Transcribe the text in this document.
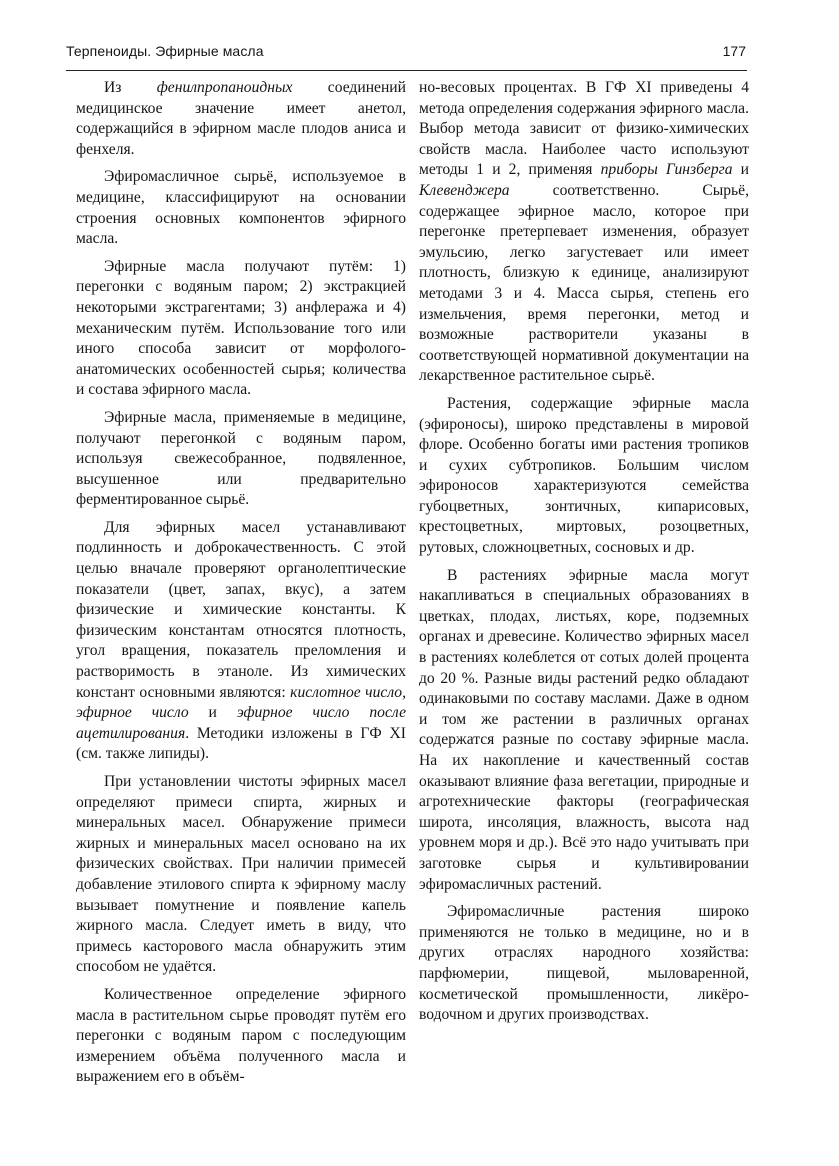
Терпеноиды. Эфирные масла	177

Из фенилпропаноидных соединений медицинское значение имеет анетол, содержащийся в эфирном масле плодов аниса и фенхеля.

Эфиромасличное сырьё, используемое в медицине, классифицируют на основании строения основных компонентов эфирного масла.

Эфирные масла получают путём: 1) перегонки с водяным паром; 2) экстракцией некоторыми экстрагентами; 3) анфлеража и 4) механическим путём. Использование того или иного способа зависит от морфолого-анатомических особенностей сырья; количества и состава эфирного масла.

Эфирные масла, применяемые в медицине, получают перегонкой с водяным паром, используя свежесобранное, подвяленное, высушенное или предварительно ферментированное сырьё.

Для эфирных масел устанавливают подлинность и доброкачественность. С этой целью вначале проверяют органолептические показатели (цвет, запах, вкус), а затем физические и химические константы. К физическим константам относятся плотность, угол вращения, показатель преломления и растворимость в этаноле. Из химических констант основными являются: кислотное число, эфирное число и эфирное число после ацетилирования. Методики изложены в ГФ XI (см. также липиды).

При установлении чистоты эфирных масел определяют примеси спирта, жирных и минеральных масел. Обнаружение примеси жирных и минеральных масел основано на их физических свойствах. При наличии примесей добавление этилового спирта к эфирному маслу вызывает помутнение и появление капель жирного масла. Следует иметь в виду, что примесь касторового масла обнаружить этим способом не удаётся.

Количественное определение эфирного масла в растительном сырье проводят путём его перегонки с водяным паром с последующим измерением объёма полученного масла и выражением его в объём-

но-весовых процентах. В ГФ XI приведены 4 метода определения содержания эфирного масла. Выбор метода зависит от физико-химических свойств масла. Наиболее часто используют методы 1 и 2, применяя приборы Гинзберга и Клевенджера соответственно. Сырьё, содержащее эфирное масло, которое при перегонке претерпевает изменения, образует эмульсию, легко загустевает или имеет плотность, близкую к единице, анализируют методами 3 и 4. Масса сырья, степень его измельчения, время перегонки, метод и возможные растворители указаны в соответствующей нормативной документации на лекарственное растительное сырьё.

Растения, содержащие эфирные масла (эфироносы), широко представлены в мировой флоре. Особенно богаты ими растения тропиков и сухих субтропиков. Большим числом эфироносов характеризуются семейства губоцветных, зонтичных, кипарисовых, крестоцветных, миртовых, розоцветных, рутовых, сложноцветных, сосновых и др.

В растениях эфирные масла могут накапливаться в специальных образованиях в цветках, плодах, листьях, коре, подземных органах и древесине. Количество эфирных масел в растениях колеблется от сотых долей процента до 20 %. Разные виды растений редко обладают одинаковыми по составу маслами. Даже в одном и том же растении в различных органах содержатся разные по составу эфирные масла. На их накопление и качественный состав оказывают влияние фаза вегетации, природные и агротехнические факторы (географическая широта, инсоляция, влажность, высота над уровнем моря и др.). Всё это надо учитывать при заготовке сырья и культивировании эфиромасличных растений.

Эфиромасличные растения широко применяются не только в медицине, но и в других отраслях народного хозяйства: парфюмерии, пищевой, мыловаренной, косметической промышленности, ликёро-водочном и других производствах.
